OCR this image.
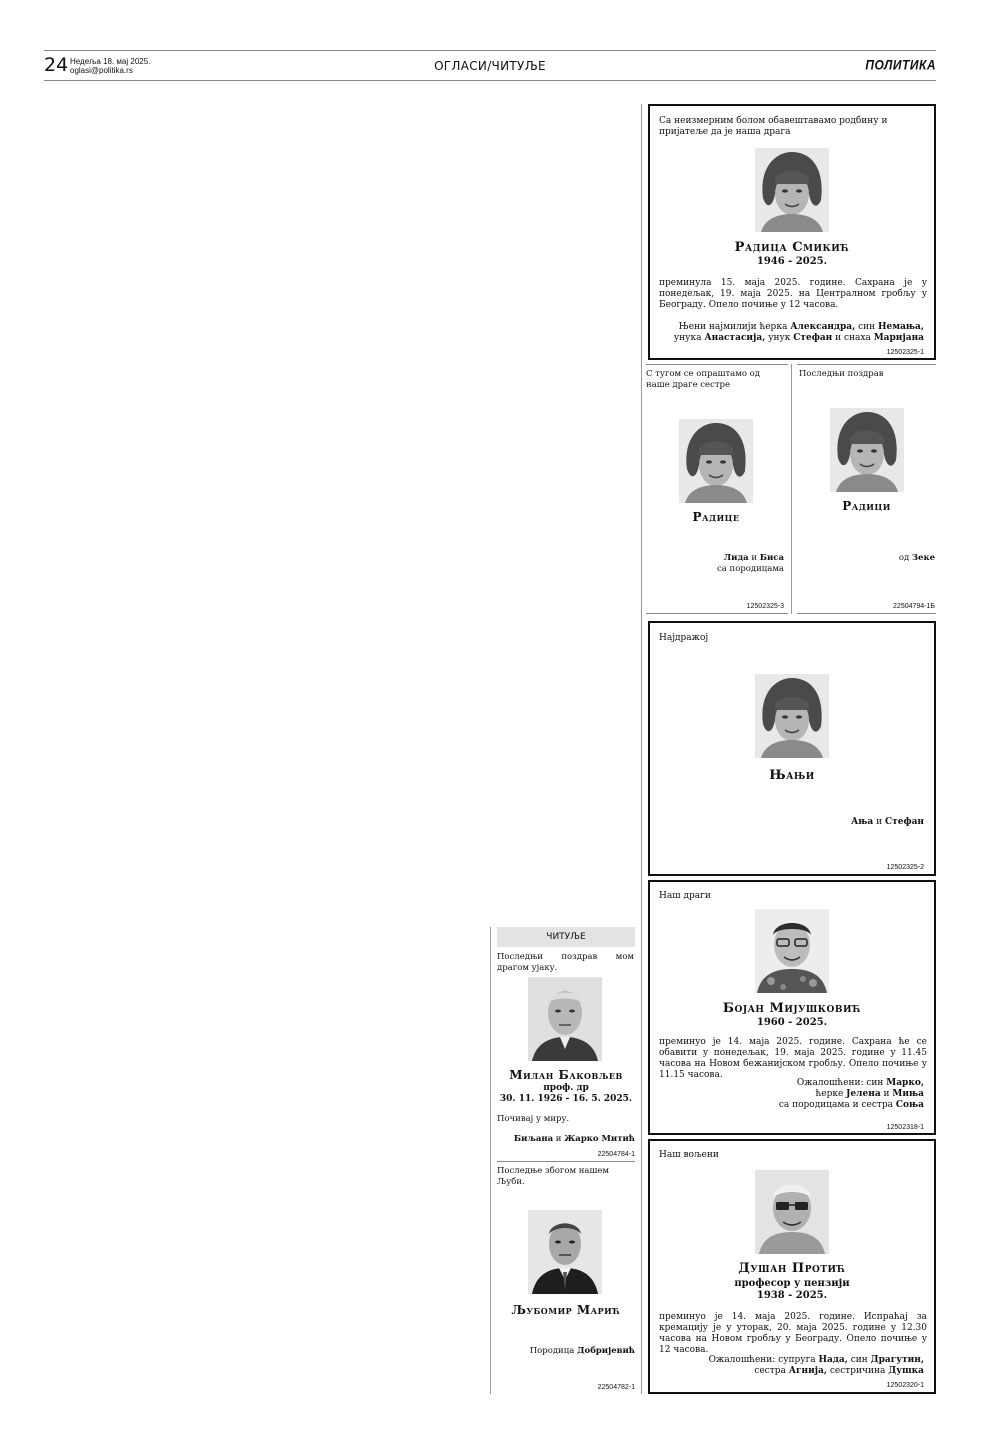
24 Недеља 18. мај 2025.
oglasi@politika.rs	ОГЛАСИ/ЧИТУЉЕ	ПОЛИТИКА
Са неизмерним болом обавештавамо родбину и пријатеље да је наша драга
Радица Смикић
1946 - 2025.
преминула 15. маја 2025. године. Сахрана је у понедељак, 19. маја 2025. на Централном гробљу у Београду. Опело почиње у 12 часова.
Њени најмилији ћерка Александра, син Немања,
унука Анастасија, унук Стефан и снаха Маријана
12502325-1
С тугом се опраштамо од наше драге сестре
Радице
Лида и Биса
са породицама
12502325-3
Последњи поздрав
Радици
од Зеке
22504794-1Б
Најдражој
Њањи
Ања и Стефан
12502325-2
Наш драги
Бојан Мијушковић
1960 - 2025.
преминуо је 14. маја 2025. године. Сахрана ће се обавити у понедељак, 19. маја 2025. године у 11.45 часова на Новом бежанијском гробљу. Опело почиње у 11.15 часова.
Ожалошћени: син Марко,
ћерке Јелена и Миња
са породицама и сестра Соња
12502318-1
Наш вољени
Душан Протић
професор у пензији
1938 - 2025.
преминуо је 14. маја 2025. године. Испраћај за кремацију је у уторак, 20. маја 2025. године у 12.30 часова на Новом гробљу у Београду. Опело почиње у 12 часова.
Ожалошћени: супруга Нада, син Драгутин,
сестра Агнија, сестричина Душка
12502320-1
ЧИТУЉЕ
Последњи поздрав мом драгом ујаку.
Милан Баковљев
проф. др
30. 11. 1926 - 16. 5. 2025.
Почивај у миру.
Биљана и Жарко Митић
22504784-1
Последње збогом нашем Љуби.
Љубомир Марић
Породица Добријевић
22504782-1
